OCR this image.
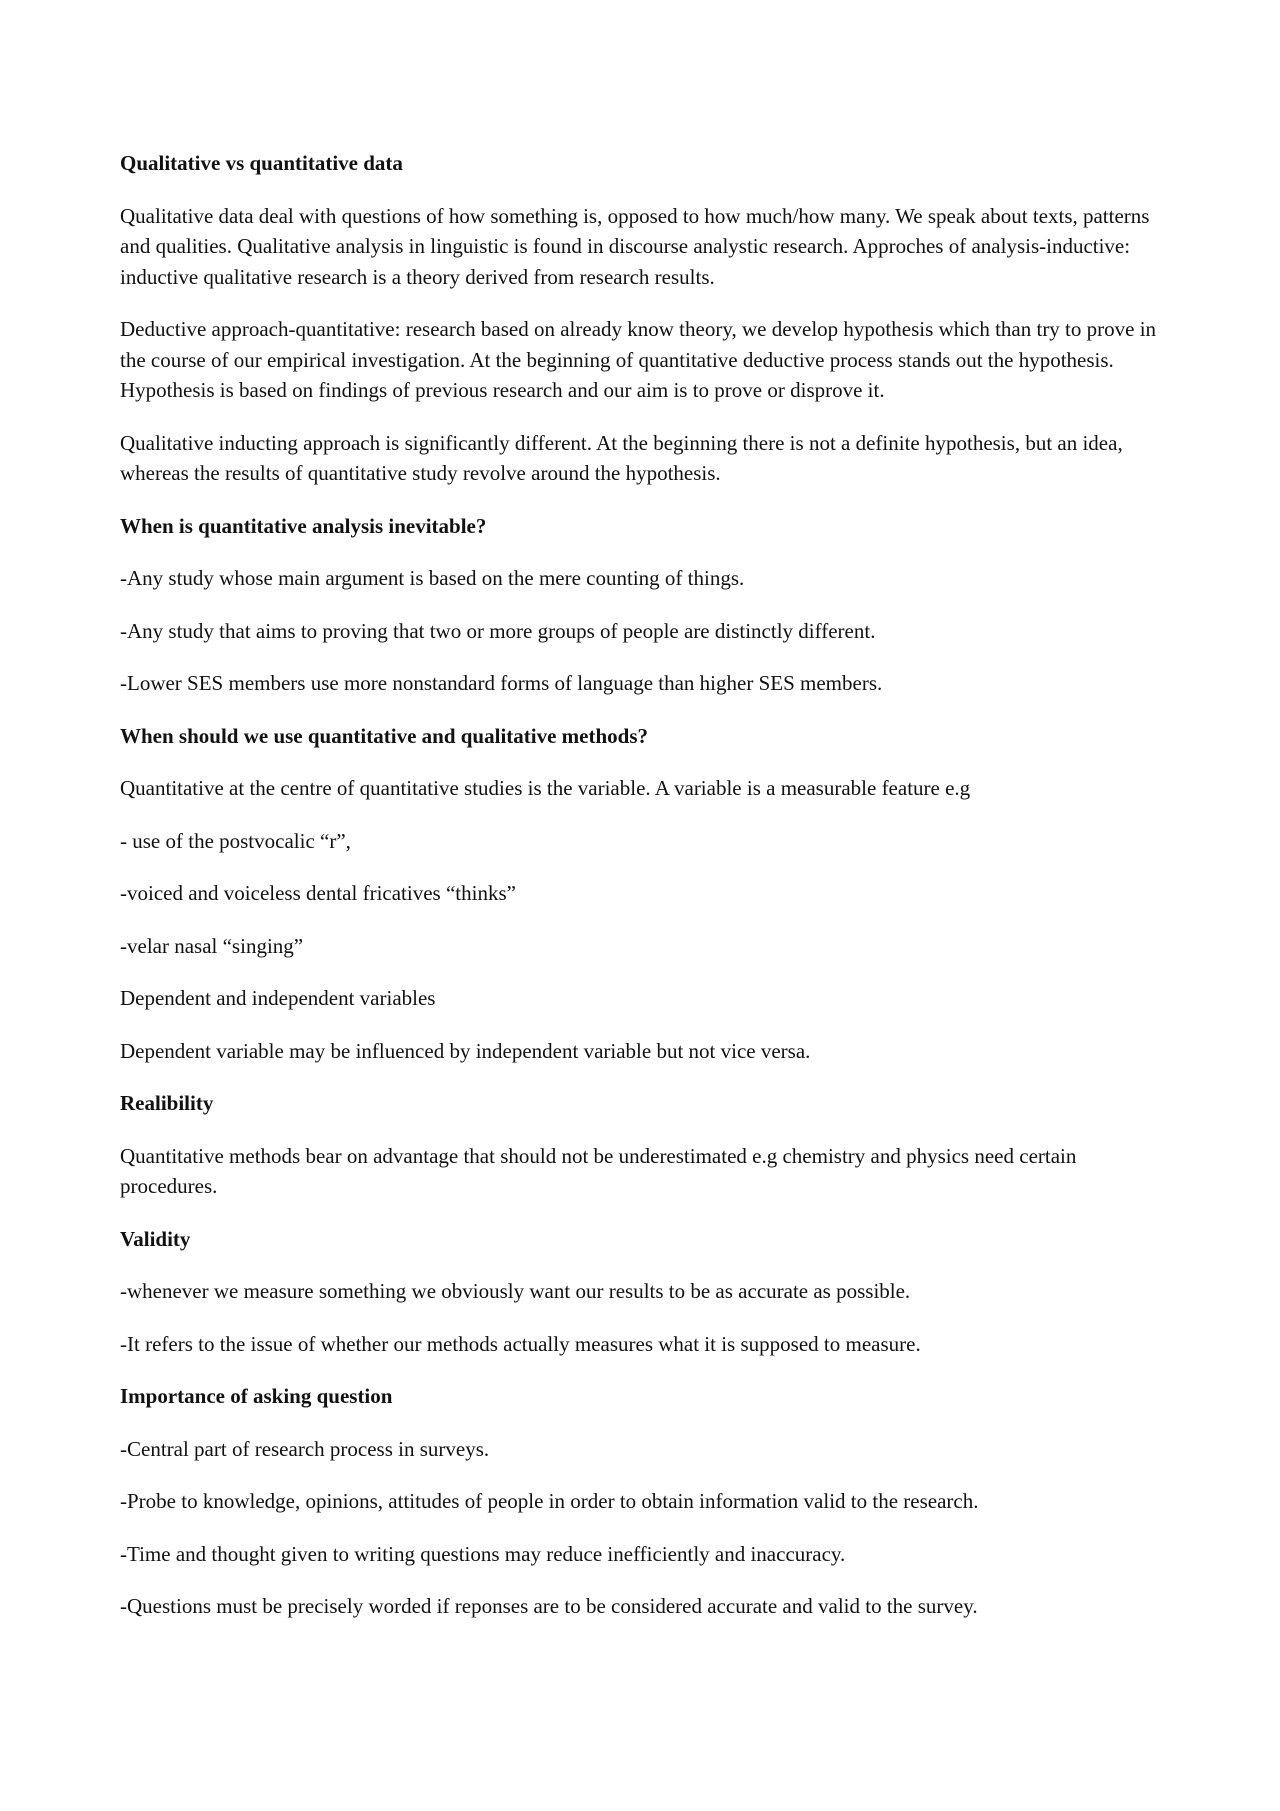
Qualitative vs quantitative data

Qualitative data deal with questions of how something is, opposed to how much/how many. We speak about texts, patterns and qualities. Qualitative analysis in linguistic is found in discourse analystic research. Approches of analysis-inductive: inductive qualitative research is a theory derived from research results.

Deductive approach-quantitative: research based on already know theory, we develop hypothesis which than try to prove in the course of our empirical investigation. At the beginning of quantitative deductive process stands out the hypothesis. Hypothesis is based on findings of previous research and our aim is to prove or disprove it.

Qualitative inducting approach is significantly different. At the beginning there is not a definite hypothesis, but an idea, whereas the results of quantitative study revolve around the hypothesis.

When is quantitative analysis inevitable?

-Any study whose main argument is based on the mere counting of things.

-Any study that aims to proving that two or more groups of people are distinctly different.

-Lower SES members use more nonstandard forms of language than higher SES members.

When should we use quantitative and qualitative methods?

Quantitative at the centre of quantitative studies is the variable. A variable is a measurable feature e.g

- use of the postvocalic “r”,

-voiced and voiceless dental fricatives “thinks”

-velar nasal “singing”

Dependent and independent variables

Dependent variable may be influenced by independent variable but not vice versa.

Realibility

Quantitative methods bear on advantage that should not be underestimated e.g chemistry and physics need certain procedures.

Validity

-whenever we measure something we obviously want our results to be as accurate as possible.

-It refers to the issue of whether our methods actually measures what it is supposed to measure.

Importance of asking question

-Central part of research process in surveys.

-Probe to knowledge, opinions, attitudes of people in order to obtain information valid to the research.

-Time and thought given to writing questions may reduce inefficiently and inaccuracy.

-Questions must be precisely worded if reponses are to be considered accurate and valid to the survey.
